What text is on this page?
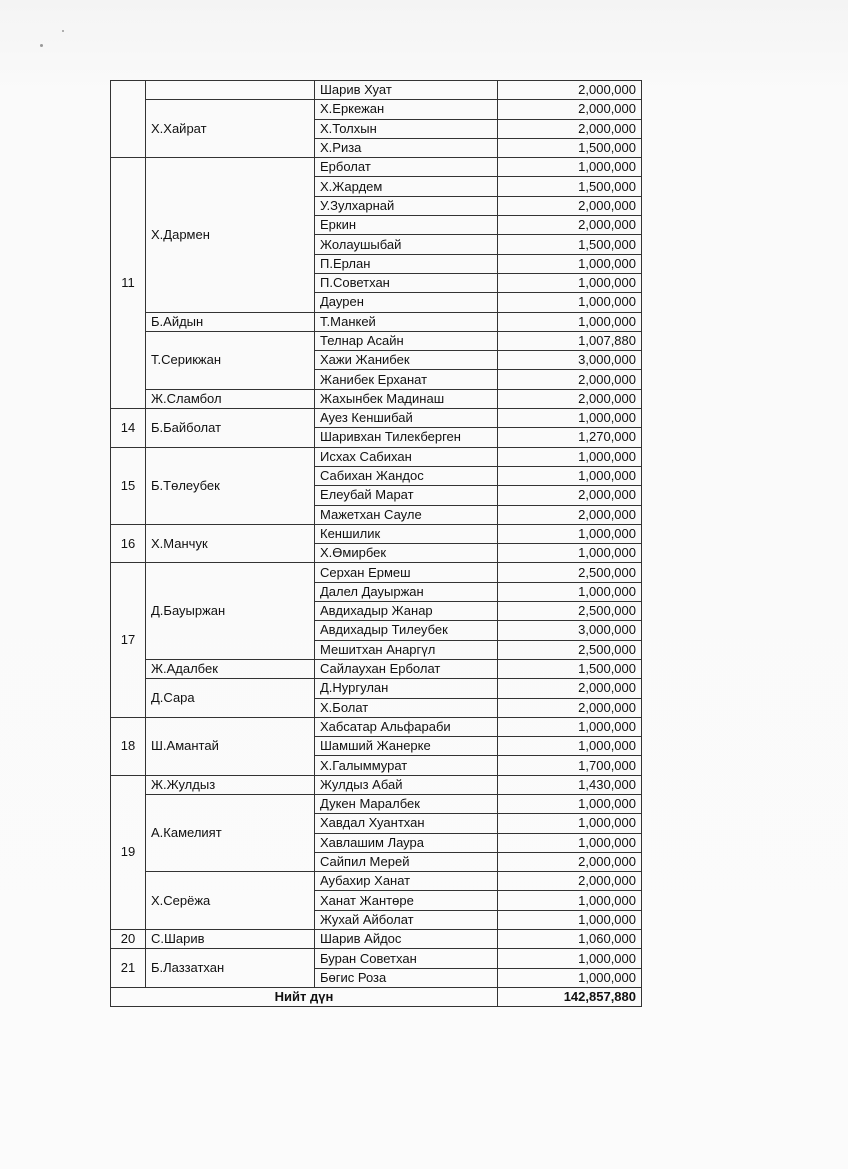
		Шарив Хуат	2,000,000
	Х.Хайрат	Х.Еркежан	2,000,000
		Х.Толхын	2,000,000
		Х.Риза	1,500,000
11	Х.Дармен	Ерболат	1,000,000
		Х.Жардем	1,500,000
		У.Зулхарнай	2,000,000
		Еркин	2,000,000
		Жолаушыбай	1,500,000
		П.Ерлан	1,000,000
		П.Советхан	1,000,000
		Даурен	1,000,000
	Б.Айдын	Т.Манкей	1,000,000
	Т.Серикжан	Телнар Асайн	1,007,880
		Хажи Жанибек	3,000,000
		Жанибек Ерханат	2,000,000
	Ж.Сламбол	Жахынбек Мадинаш	2,000,000
14	Б.Байболат	Ауез Кеншибай	1,000,000
		Шаривхан Тилекберген	1,270,000
15	Б.Төлеубек	Исхах Сабихан	1,000,000
		Сабихан Жандос	1,000,000
		Елеубай Марат	2,000,000
		Мажетхан Сауле	2,000,000
16	Х.Манчук	Кеншилик	1,000,000
		Х.Өмирбек	1,000,000
17	Д.Бауыржан	Серхан Ермеш	2,500,000
		Далел Дауыржан	1,000,000
		Авдихадыр Жанар	2,500,000
		Авдихадыр Тилеубек	3,000,000
		Мешитхан Анаргүл	2,500,000
	Ж.Адалбек	Сайлаухан Ерболат	1,500,000
	Д.Сара	Д.Нургулан	2,000,000
		Х.Болат	2,000,000
18	Ш.Амантай	Хабсатар Альфараби	1,000,000
		Шамший Жанерке	1,000,000
		Х.Галыммурат	1,700,000
19	Ж.Жулдыз	Жулдыз Абай	1,430,000
	А.Камелият	Дукен Маралбек	1,000,000
		Хавдал Хуантхан	1,000,000
		Хавлашим Лаура	1,000,000
		Сайпил Мерей	2,000,000
	Х.Серёжа	Аубахир Ханат	2,000,000
		Ханат Жантөре	1,000,000
		Жухай Айболат	1,000,000
20	С.Шарив	Шарив Айдос	1,060,000
21	Б.Лаззатхан	Буран Советхан	1,000,000
		Бөгис Роза	1,000,000
Нийт дүн			142,857,880
